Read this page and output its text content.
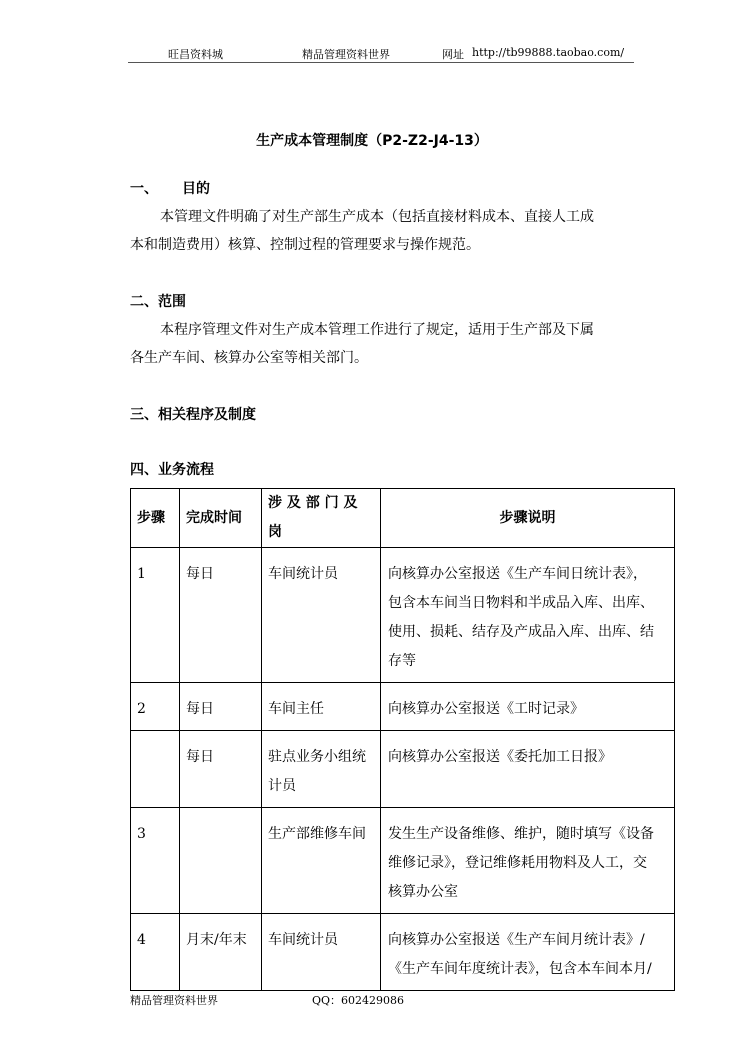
旺昌资料城	精品管理资料世界	网址 http://tb99888.taobao.com/
生产成本管理制度（P2-Z2-J4-13）
一、 目的
本管理文件明确了对生产部生产成本（包括直接材料成本、直接人工成
本和制造费用）核算、控制过程的管理要求与操作规范。
二、范围
本程序管理文件对生产成本管理工作进行了规定，适用于生产部及下属
各生产车间、核算办公室等相关部门。
三、相关程序及制度
四、业务流程
步骤	完成时间	涉 及 部 门 及 岗	步骤说明
1	每日	车间统计员	向核算办公室报送《生产车间日统计表》，
包含本车间当日物料和半成品入库、出库、
使用、损耗、结存及产成品入库、出库、结
存等

2	每日	车间主任	向核算办公室报送《工时记录》

	每日	驻点业务小组统
计员	向核算办公室报送《委托加工日报》

3		生产部维修车间	发生生产设备维修、维护，随时填写《设备
维修记录》，登记维修耗用物料及人工，交
核算办公室

4	月末/年末	车间统计员	向核算办公室报送《生产车间月统计表》/
《生产车间年度统计表》，包含本车间本月/
精品管理资料世界	QQ：602429086
